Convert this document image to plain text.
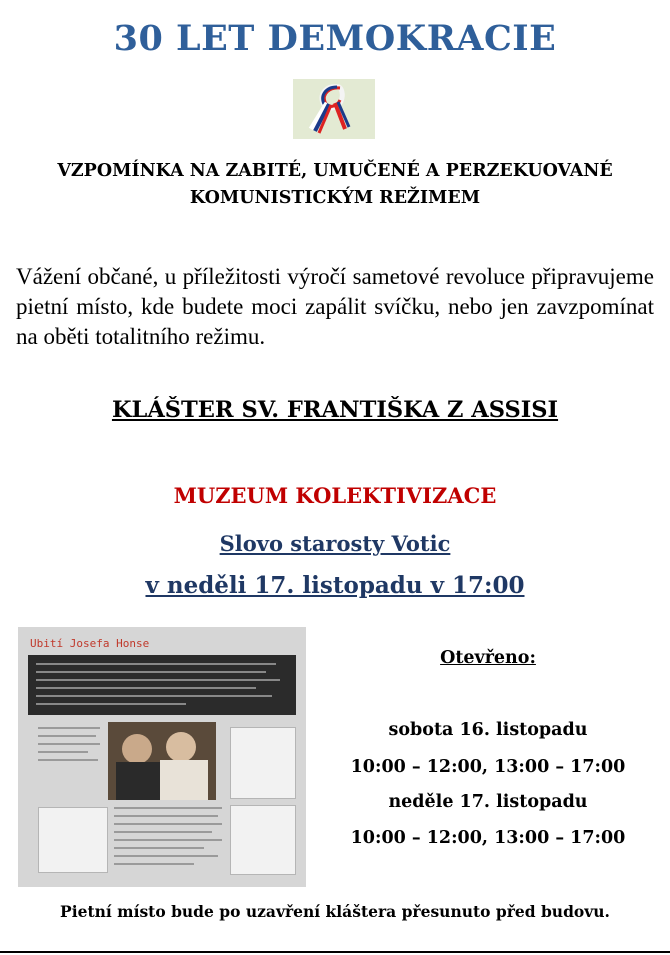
30 LET DEMOKRACIE
VZPOMÍNKA NA ZABITÉ, UMUČENÉ A PERZEKUOVANÉ
KOMUNISTICKÝM REŽIMEM
Vážení občané, u příležitosti výročí sametové revoluce připravujeme pietní místo, kde budete moci zapálit svíčku, nebo jen zavzpomínat na oběti totalitního režimu.
KLÁŠTER SV. FRANTIŠKA Z ASSISI
MUZEUM KOLEKTIVIZACE
Slovo starosty Votic
v neděli 17. listopadu v 17:00
Ubití Josefa Honse
Otevřeno:
sobota 16. listopadu
10:00 – 12:00, 13:00 – 17:00
neděle 17. listopadu
10:00 – 12:00, 13:00 – 17:00
Pietní místo bude po uzavření kláštera přesunuto před budovu.
